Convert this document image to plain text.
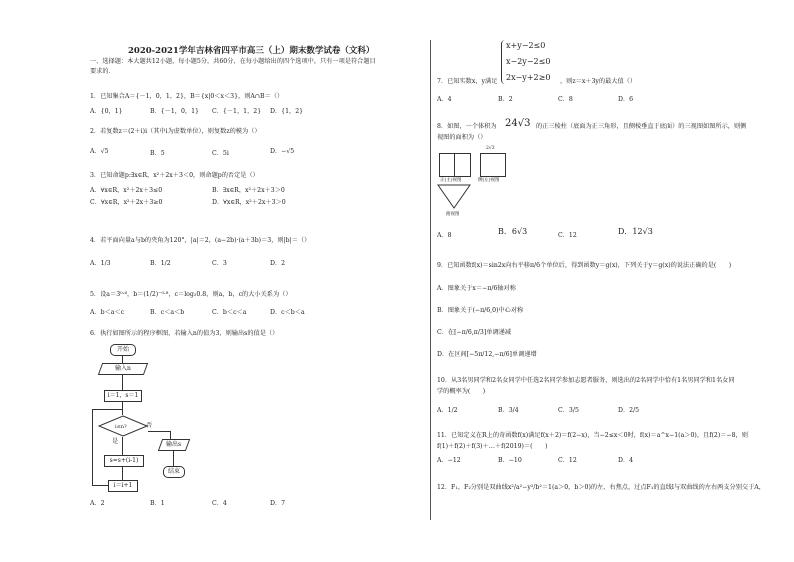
2020-2021学年吉林省四平市高三（上）期末数学试卷（文科）
一、选择题：本大题共12小题，每小题5分，共60分，在每小题给出的四个选项中，只有一项是符合题目
要求的．
1．已知集合A＝{－1，0，1，2}，B＝{x|0＜x＜3}，则A∩B＝（）
A．{0，1}	B．{－1，0，1} C．{－1，1，2} D．{1，2}
2．若复数z＝(2＋i)i（其中i为虚数单位），则复数z的模为（）
A．√5	B．5	C．5i	D．−√5
3．已知命题p:∃x∈R，x²＋2x＋3＜0，则命题p的否定是（）
A．∀x∈R，x²＋2x＋3≤0	B．∃x∈R，x²＋2x＋3＞0
C．∀x∈R，x²＋2x＋3≥0	D．∀x∈R，x²＋2x＋3＞0
4．若平面向量a与b的夹角为120°，|a|＝2，(a−2b)·(a＋3b)＝3，则|b|＝（）
A．1/3	B．1/2	C．3	D．2
5．设a＝3⁰·⁶，b＝(1/2)⁻⁰·⁸，c＝log₂0.8，则a，b，c的大小关系为（）
A．b＜a＜c	B．c＜a＜b	C．b＜c＜a	D．c＜b＜a
6．执行如图所示的程序框图，若输入n的值为3，则输出s的值是（）
开始
输入n
i＝1，s＝1
i≤n?	否
输出s
结束
是
s=s+(i-1)
i＝i+1
A．2	B．1	C．4	D．7
x+y−2≤0
x−2y−2≤0
2x−y+2≥0
7．已知实数x，y满足	，则z＝x＋3y的最大值（）
A．4	B．2	C．8	D．6
8．如图，一个体积为 24√3 的正三棱柱（底面为正三角形，且侧棱垂直于底面）的三视图如图所示，则侧
视图的面积为（）
正(主)视图	侧(左)视图
2√3
俯视图
A．8	B．6√3	C．12	D．12√3
9．已知函数f(x)＝sin2x向右平移π/6个单位后，得到函数y＝g(x)，下列关于y＝g(x)的说法正确的是(　　)
A．图象关于x＝−π/6轴对称
B．图象关于(−π/6,0)中心对称
C．在[−π/6,π/3]单调递减
D．在区间[−5π/12,−π/6]单调递增
10．从3名男同学和2名女同学中任选2名同学参加志愿者服务，则选出的2名同学中恰有1名男同学和1名女同
学的概率为(　　)
A．1/2	B．3/4	C．3/5	D．2/5
11．已知定义在R上的奇函数f(x)满足f(x＋2)＝f(2−x)，当−2≤x＜0时，f(x)＝a^x−1(a＞0)，且f(2)＝−8，则
f(1)＋f(2)＋f(3)＋…＋f(2019)＝(　　)
A．−12	B．−10	C．12	D．4
12．F₁，F₂分别是双曲线x²/a²−y²/b²＝1(a＞0，b＞0)的左、右焦点，过点F₁的直线l与双曲线的左右两支分别交于A，
